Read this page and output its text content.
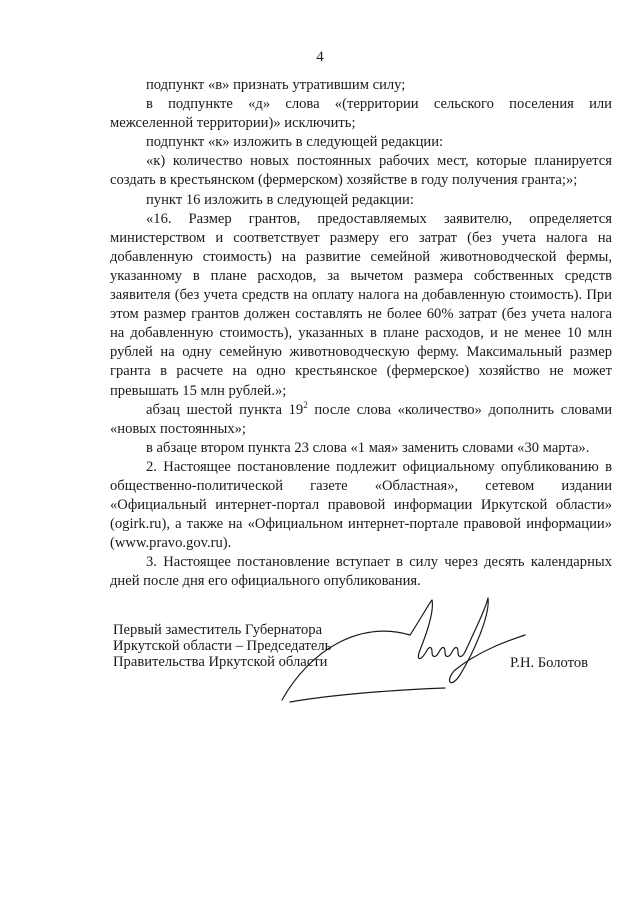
4

подпункт «в» признать утратившим силу;

в подпункте «д» слова «(территории сельского поселения или межселенной территории)» исключить;

подпункт «к» изложить в следующей редакции:

«к) количество новых постоянных рабочих мест, которые планируется создать в крестьянском (фермерском) хозяйстве в году получения гранта;»;

пункт 16 изложить в следующей редакции:

«16. Размер грантов, предоставляемых заявителю, определяется министерством и соответствует размеру его затрат (без учета налога на добавленную стоимость) на развитие семейной животноводческой фермы, указанному в плане расходов, за вычетом размера собственных средств заявителя (без учета средств на оплату налога на добавленную стоимость). При этом размер грантов должен составлять не более 60% затрат (без учета налога на добавленную стоимость), указанных в плане расходов, и не менее 10 млн рублей на одну семейную животноводческую ферму. Максимальный размер гранта в расчете на одно крестьянское (фермерское) хозяйство не может превышать 15 млн рублей.»;

абзац шестой пункта $19^2$ после слова «количество» дополнить словами «новых постоянных»;

в абзаце втором пункта 23 слова «1 мая» заменить словами «30 марта».

2. Настоящее постановление подлежит официальному опубликованию в общественно-политической газете «Областная», сетевом издании «Официальный интернет-портал правовой информации Иркутской области» (ogirk.ru), а также на «Официальном интернет-портале правовой информации» (www.pravo.gov.ru).

3. Настоящее постановление вступает в силу через десять календарных дней после дня его официального опубликования.

Первый заместитель Губернатора
Иркутской области – Председатель
Правительства Иркутской области	Р.Н. Болотов
